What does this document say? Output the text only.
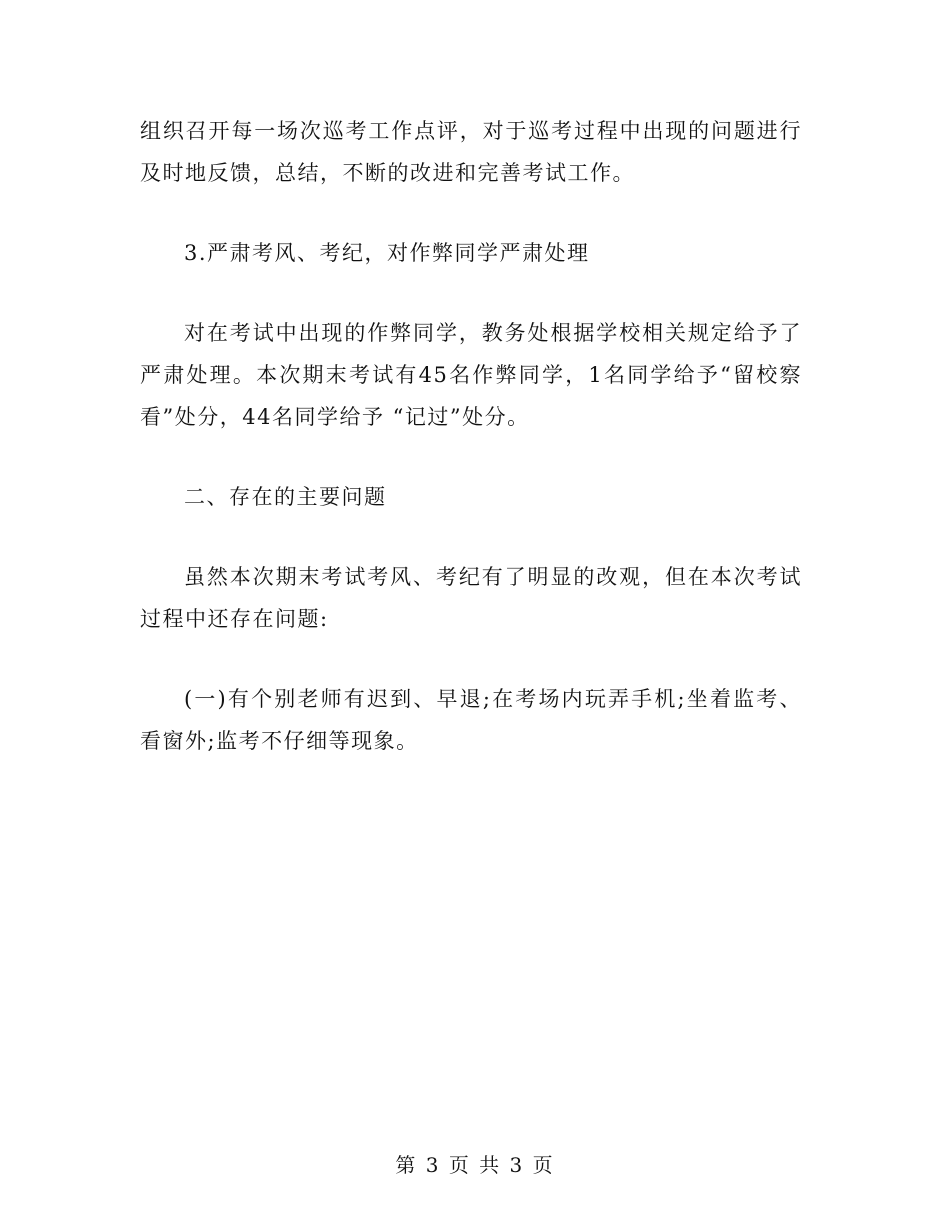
组织召开每一场次巡考工作点评，对于巡考过程中出现的问题进行及时地反馈，总结，不断的改进和完善考试工作。

3.严肃考风、考纪，对作弊同学严肃处理

对在考试中出现的作弊同学，教务处根据学校相关规定给予了严肃处理。本次期末考试有45名作弊同学，1名同学给予“留校察看”处分，44名同学给予 “记过”处分。

二、存在的主要问题

虽然本次期末考试考风、考纪有了明显的改观，但在本次考试过程中还存在问题:

(一)有个别老师有迟到、早退;在考场内玩弄手机;坐着监考、看窗外;监考不仔细等现象。

第 3 页 共 3 页
